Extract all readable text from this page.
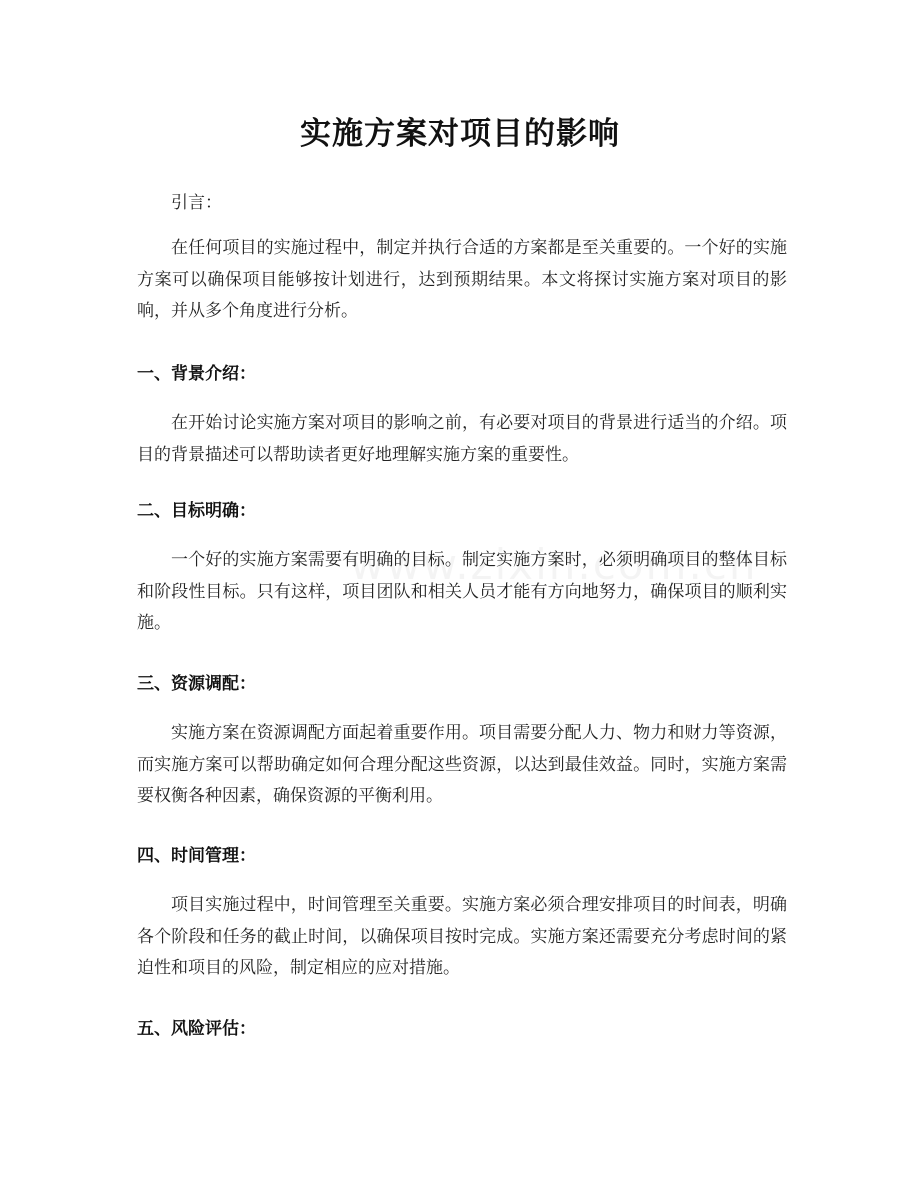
实施方案对项目的影响

引言：

在任何项目的实施过程中，制定并执行合适的方案都是至关重要的。一个好的实施方案可以确保项目能够按计划进行，达到预期结果。本文将探讨实施方案对项目的影响，并从多个角度进行分析。

一、背景介绍：

在开始讨论实施方案对项目的影响之前，有必要对项目的背景进行适当的介绍。项目的背景描述可以帮助读者更好地理解实施方案的重要性。

二、目标明确：

一个好的实施方案需要有明确的目标。制定实施方案时，必须明确项目的整体目标和阶段性目标。只有这样，项目团队和相关人员才能有方向地努力，确保项目的顺利实施。

三、资源调配：

实施方案在资源调配方面起着重要作用。项目需要分配人力、物力和财力等资源，而实施方案可以帮助确定如何合理分配这些资源，以达到最佳效益。同时，实施方案需要权衡各种因素，确保资源的平衡利用。

四、时间管理：

项目实施过程中，时间管理至关重要。实施方案必须合理安排项目的时间表，明确各个阶段和任务的截止时间，以确保项目按时完成。实施方案还需要充分考虑时间的紧迫性和项目的风险，制定相应的应对措施。

五、风险评估：
